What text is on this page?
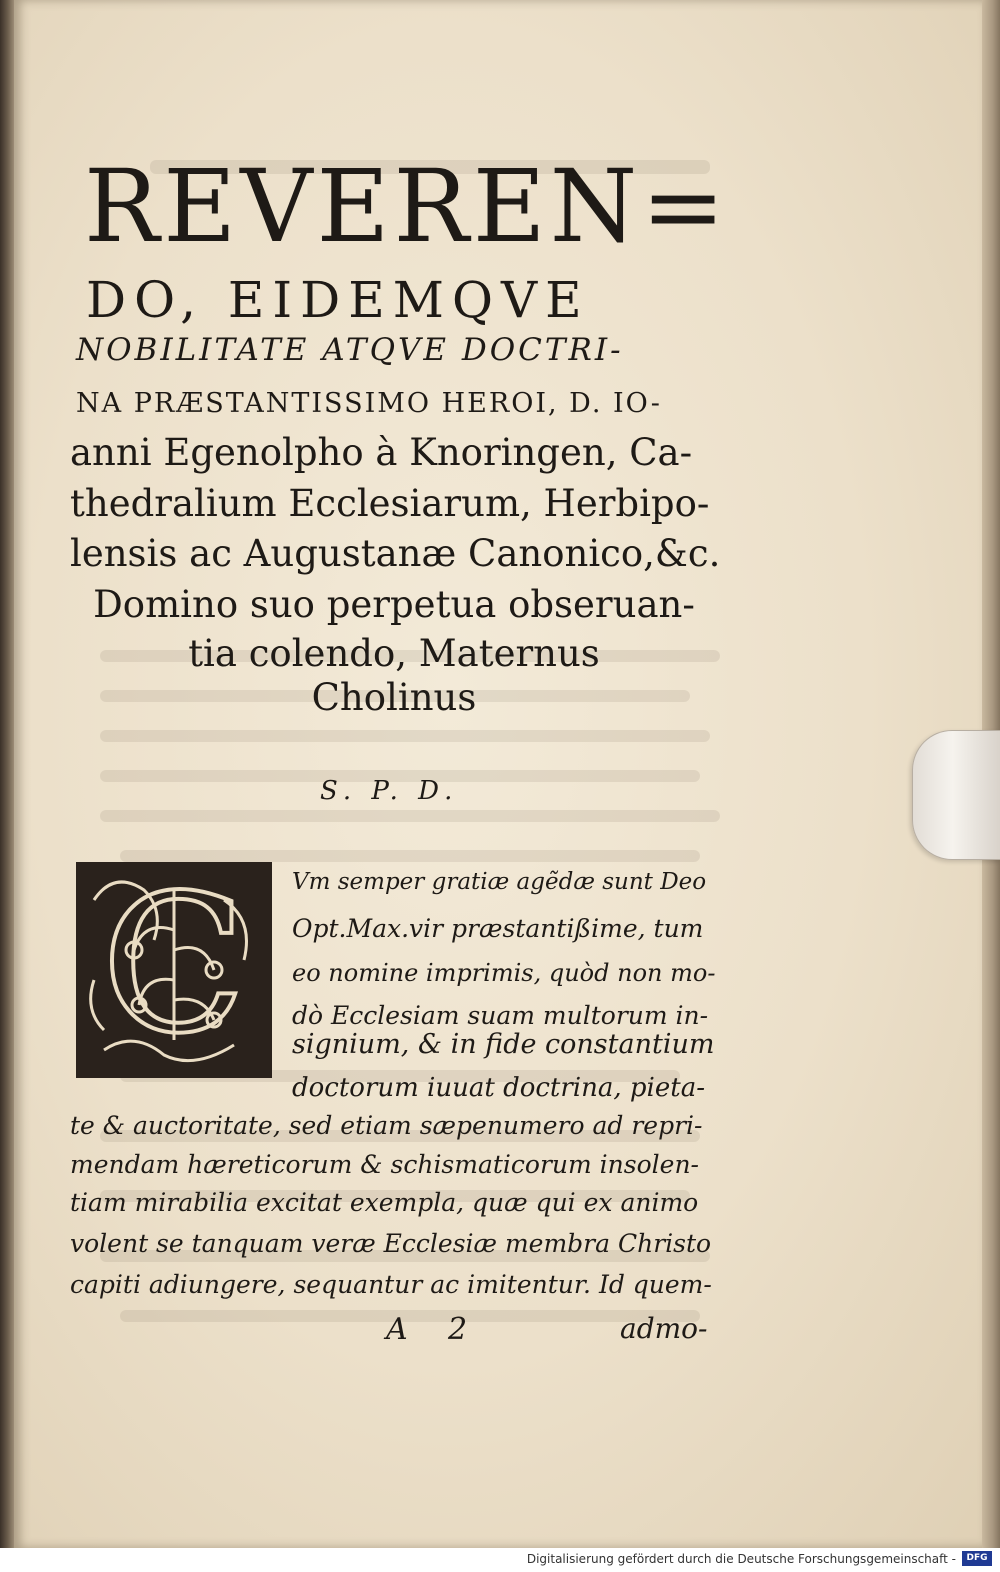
REVEREN=
DO, EIDEMQVE
NOBILITATE ATQVE DOCTRI-
NA PRÆSTANTISSIMO HEROI, D. IO-
anni Egenolpho à Knoringen, Ca-
thedralium Ecclesiarum, Herbipo-
lensis ac Augustanæ Canonico,&c.
Domino suo perpetua obseruan-
tia colendo, Maternus
Cholinus
S. P. D.
C Vm semper gratiæ agẽdæ sunt Deo
Opt.Max.vir præstantißime, tum
eo nomine imprimis, quòd non mo-
dò Ecclesiam suam multorum in-
signium, & in fide constantium
doctorum iuuat doctrina, pieta-
te & auctoritate, sed etiam sæpenumero ad repri-
mendam hæreticorum & schismaticorum insolen-
tiam mirabilia excitat exempla, quæ qui ex animo
volent se tanquam veræ Ecclesiæ membra Christo
capiti adiungere, sequantur ac imitentur. Id quem-
A 2	admo-
Digitalisierung gefördert durch die Deutsche Forschungsgemeinschaft -	DFG
